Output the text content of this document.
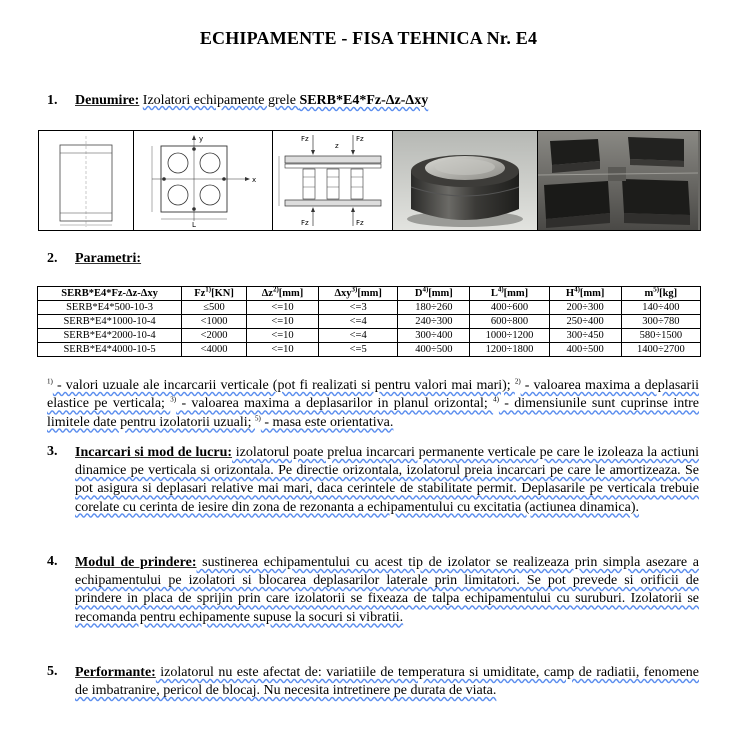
ECHIPAMENTE - FISA TEHNICA Nr. E4
1. Denumire: Izolatori echipamente grele SERB*E4*Fz-Δz-Δxy
y
x
L
Fz	Fz
z
Fz	Fz
2. Parametri:
SERB*E4*Fz-Δz-Δxy	Fz$^{1)}$[KN]	$\Delta z^{2)}[mm]$	Δxy$^{3)}$[mm]	$D^{4)}[mm]$	$L^{4)}[mm]$	$H^{4)}[mm]$	$m^{5)}[kg]$
SERB*E4*500-10-3	≤500	<=10	<=3	180÷260	400÷600	200÷300	140÷400
SERB*E4*1000-10-4	<1000	<=10	<=4	240÷300	600÷800	250÷400	300÷780
SERB*E4*2000-10-4	<2000	<=10	<=4	300÷400	1000÷1200	300÷450	580÷1500
SERB*E4*4000-10-5	<4000	<=10	<=5	400÷500	1200÷1800	400÷500	1400÷2700
$^{1)}$ - valori uzuale ale incarcarii verticale (pot fi realizati si pentru valori mai mari); $^{2)}$ - valoarea maxima a deplasarii elastice pe verticala; $^{3)}$ - valoarea maxima a deplasarilor in planul orizontal; $^{4)}$ - dimensiunile sunt cuprinse intre limitele date pentru izolatorii uzuali; $^{5)}$ - masa este orientativa.
3. Incarcari si mod de lucru: izolatorul poate prelua incarcari permanente verticale pe care le izoleaza la actiuni dinamice pe verticala si orizontala. Pe directie orizontala, izolatorul preia incarcari pe care le amortizeaza. Se pot asigura si deplasari relative mai mari, daca cerintele de stabilitate permit. Deplasarile pe verticala trebuie corelate cu cerinta de iesire din zona de rezonanta a echipamentului cu excitatia (actiunea dinamica).
4. Modul de prindere: sustinerea echipamentului cu acest tip de izolator se realizeaza prin simpla asezare a echipamentului pe izolatori si blocarea deplasarilor laterale prin limitatori. Se pot prevede si orificii de prindere in placa de sprijin prin care izolatorii se fixeaza de talpa echipamentului cu suruburi. Izolatorii se recomanda pentru echipamente supuse la socuri si vibratii.
5. Performante: izolatorul nu este afectat de: variatiile de temperatura si umiditate, camp de radiatii, fenomene de imbatranire, pericol de blocaj. Nu necesita intretinere pe durata de viata.
